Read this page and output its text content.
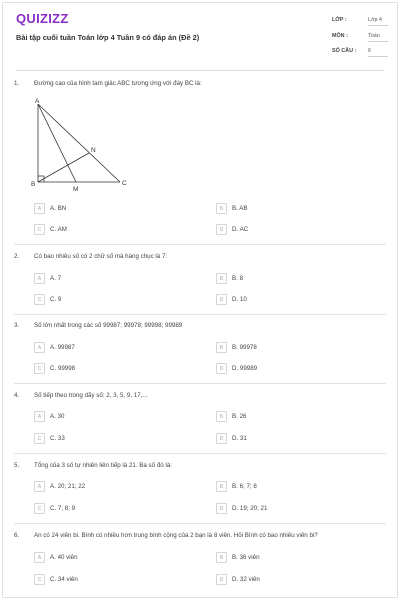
QUIZIZZ
Bài tập cuối tuần Toán lớp 4 Tuần 9 có đáp án (Đề 2)
LỚP :	Lớp 4
MÔN :	Toán
SỐ CÂU : 6
1. Đường cao của hình tam giác ABC tương ứng với đáy BC là:
A
N
B
M
C
A	A. BN	B	B. AB
C	C. AM	D	D. AC
2. Có bao nhiêu số có 2 chữ số mà hàng chục là 7:
A	A. 7	B	B. 8
C	C. 9	D	D. 10
3. Số lớn nhất trong các số 99987; 99978; 99998; 99989
A	A. 99987	B	B. 99978
C	C. 99998	D	D. 99989
4. Số tiếp theo trong dãy số: 2, 3, 5, 9, 17,...
A	A. 30	B	B. 26
C	C. 33	D	D. 31
5. Tổng của 3 số tự nhiên liên tiếp là 21. Ba số đó là:
A	A. 20; 21; 22	B	B. 6; 7; 8
C	C. 7; 8; 9	D	D. 19; 20; 21
6. An có 24 viên bi. Bình có nhiều hơn trung bình cộng của 2 bạn là 8 viên. Hỏi Bình có bao nhiêu viên bi?
A	A. 40 viên	B	B. 36 viên
C	C. 34 viên	D	D. 32 viên
